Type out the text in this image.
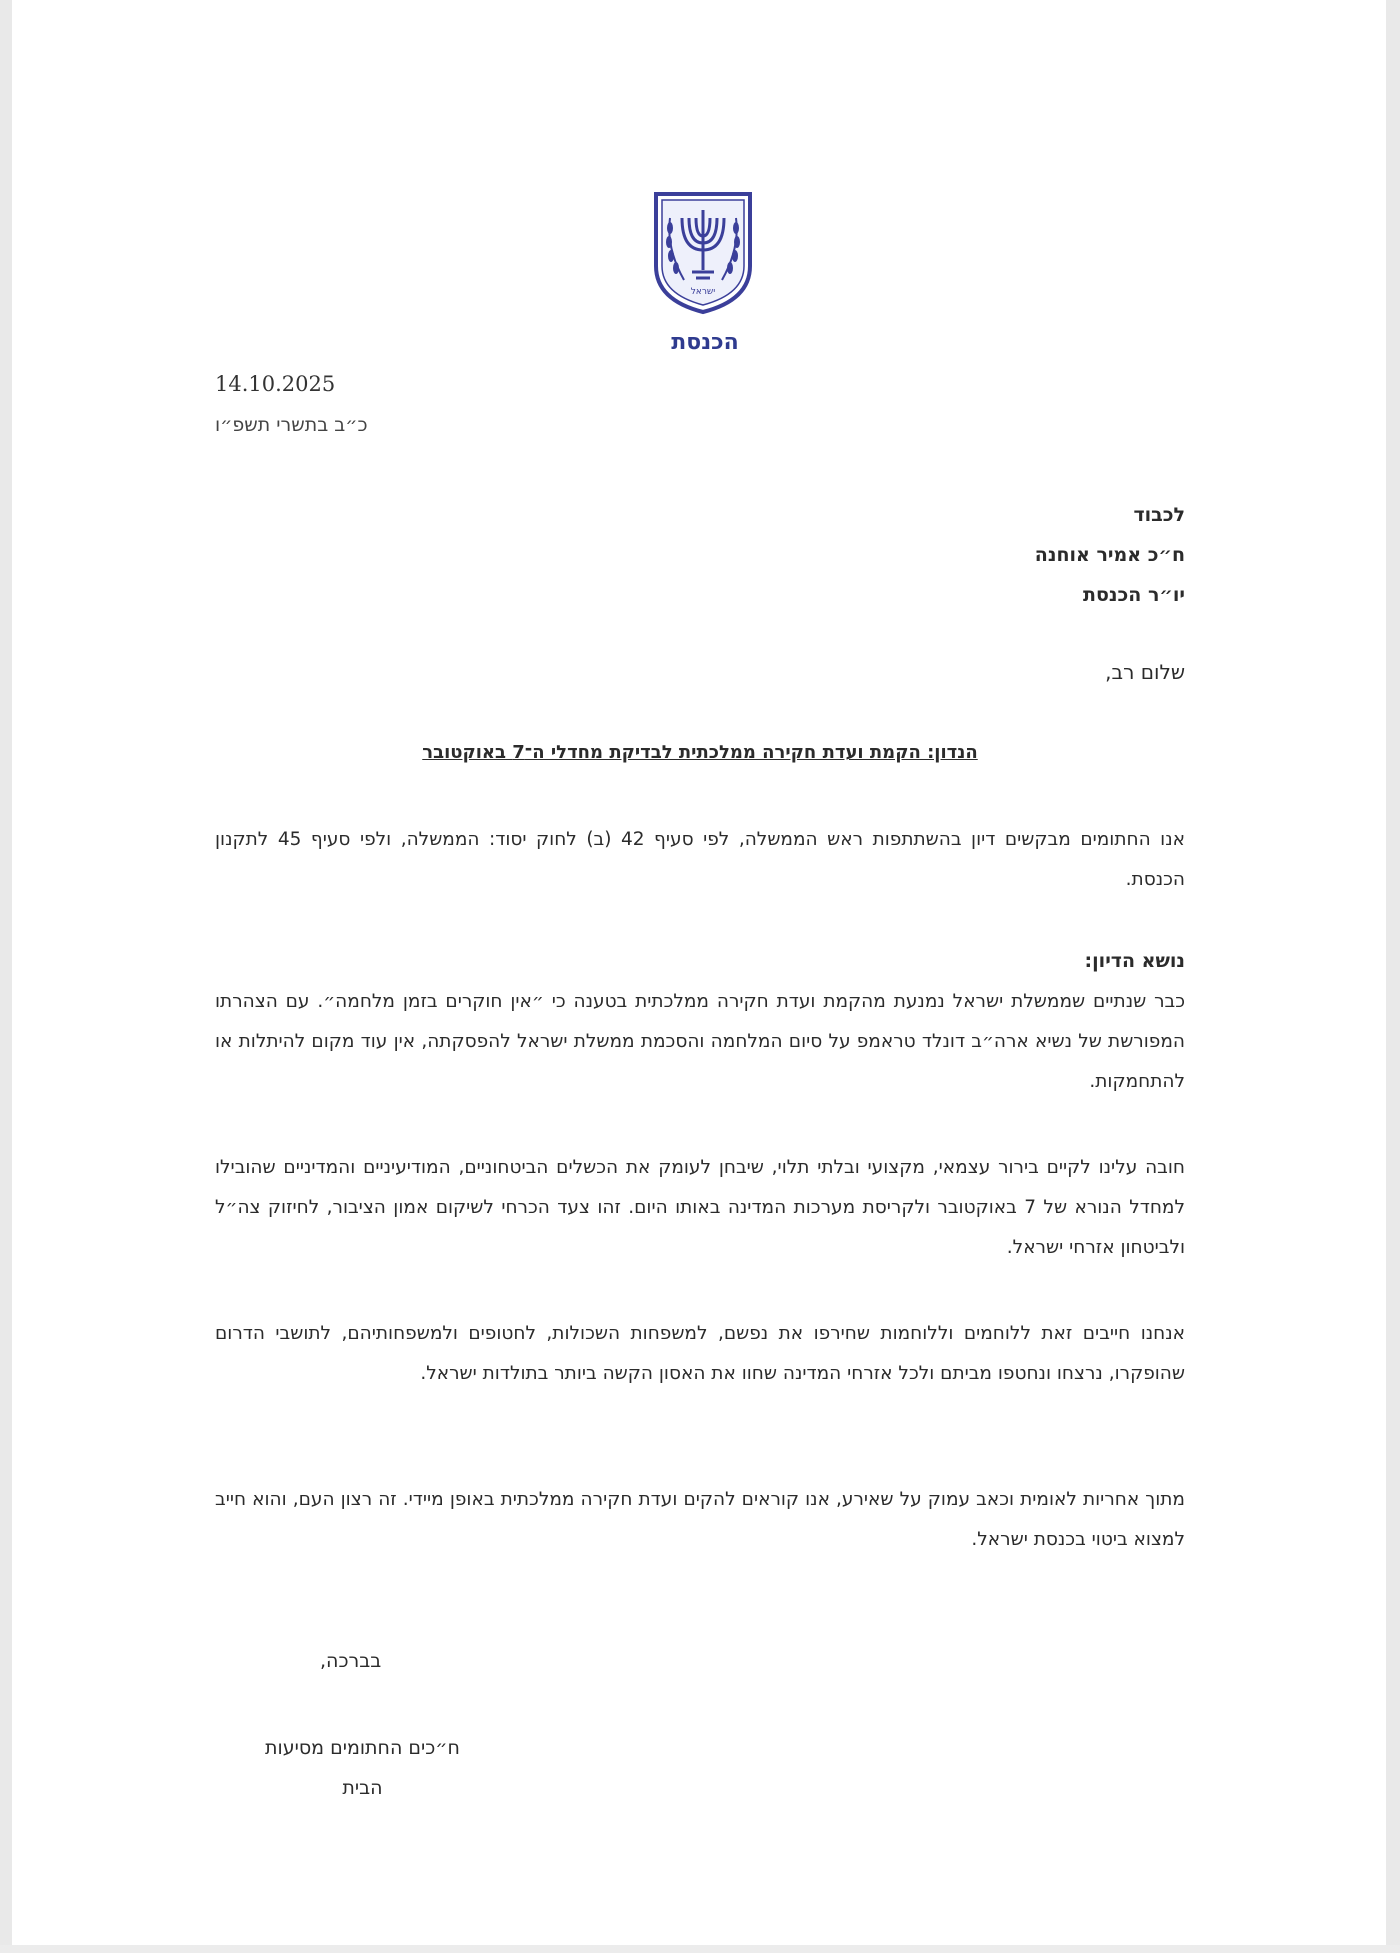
ישראל
הכנסת
14.10.2025
כ״ב בתשרי תשפ״ו
לכבוד
ח״כ אמיר אוחנה
יו״ר הכנסת
שלום רב,
הנדון: הקמת ועדת חקירה ממלכתית לבדיקת מחדלי ה־7 באוקטובר
אנו החתומים מבקשים דיון בהשתתפות ראש הממשלה, לפי סעיף 42 (ב) לחוק יסוד: הממשלה, ולפי סעיף 45 לתקנון הכנסת.
נושא הדיון:
כבר שנתיים שממשלת ישראל נמנעת מהקמת ועדת חקירה ממלכתית בטענה כי ״אין חוקרים בזמן מלחמה״. עם הצהרתו המפורשת של נשיא ארה״ב דונלד טראמפ על סיום המלחמה והסכמת ממשלת ישראל להפסקתה, אין עוד מקום להיתלות או להתחמקות.
חובה עלינו לקיים בירור עצמאי, מקצועי ובלתי תלוי, שיבחן לעומק את הכשלים הביטחוניים, המודיעיניים והמדיניים שהובילו למחדל הנורא של 7 באוקטובר ולקריסת מערכות המדינה באותו היום. זהו צעד הכרחי לשיקום אמון הציבור, לחיזוק צה״ל ולביטחון אזרחי ישראל.
אנחנו חייבים זאת ללוחמים וללוחמות שחירפו את נפשם, למשפחות השכולות, לחטופים ולמשפחותיהם, לתושבי הדרום שהופקרו, נרצחו ונחטפו מביתם ולכל אזרחי המדינה שחוו את האסון הקשה ביותר בתולדות ישראל.
מתוך אחריות לאומית וכאב עמוק על שאירע, אנו קוראים להקים ועדת חקירה ממלכתית באופן מיידי. זה רצון העם, והוא חייב למצוא ביטוי בכנסת ישראל.
בברכה,
ח״כים החתומים מסיעות
הבית
